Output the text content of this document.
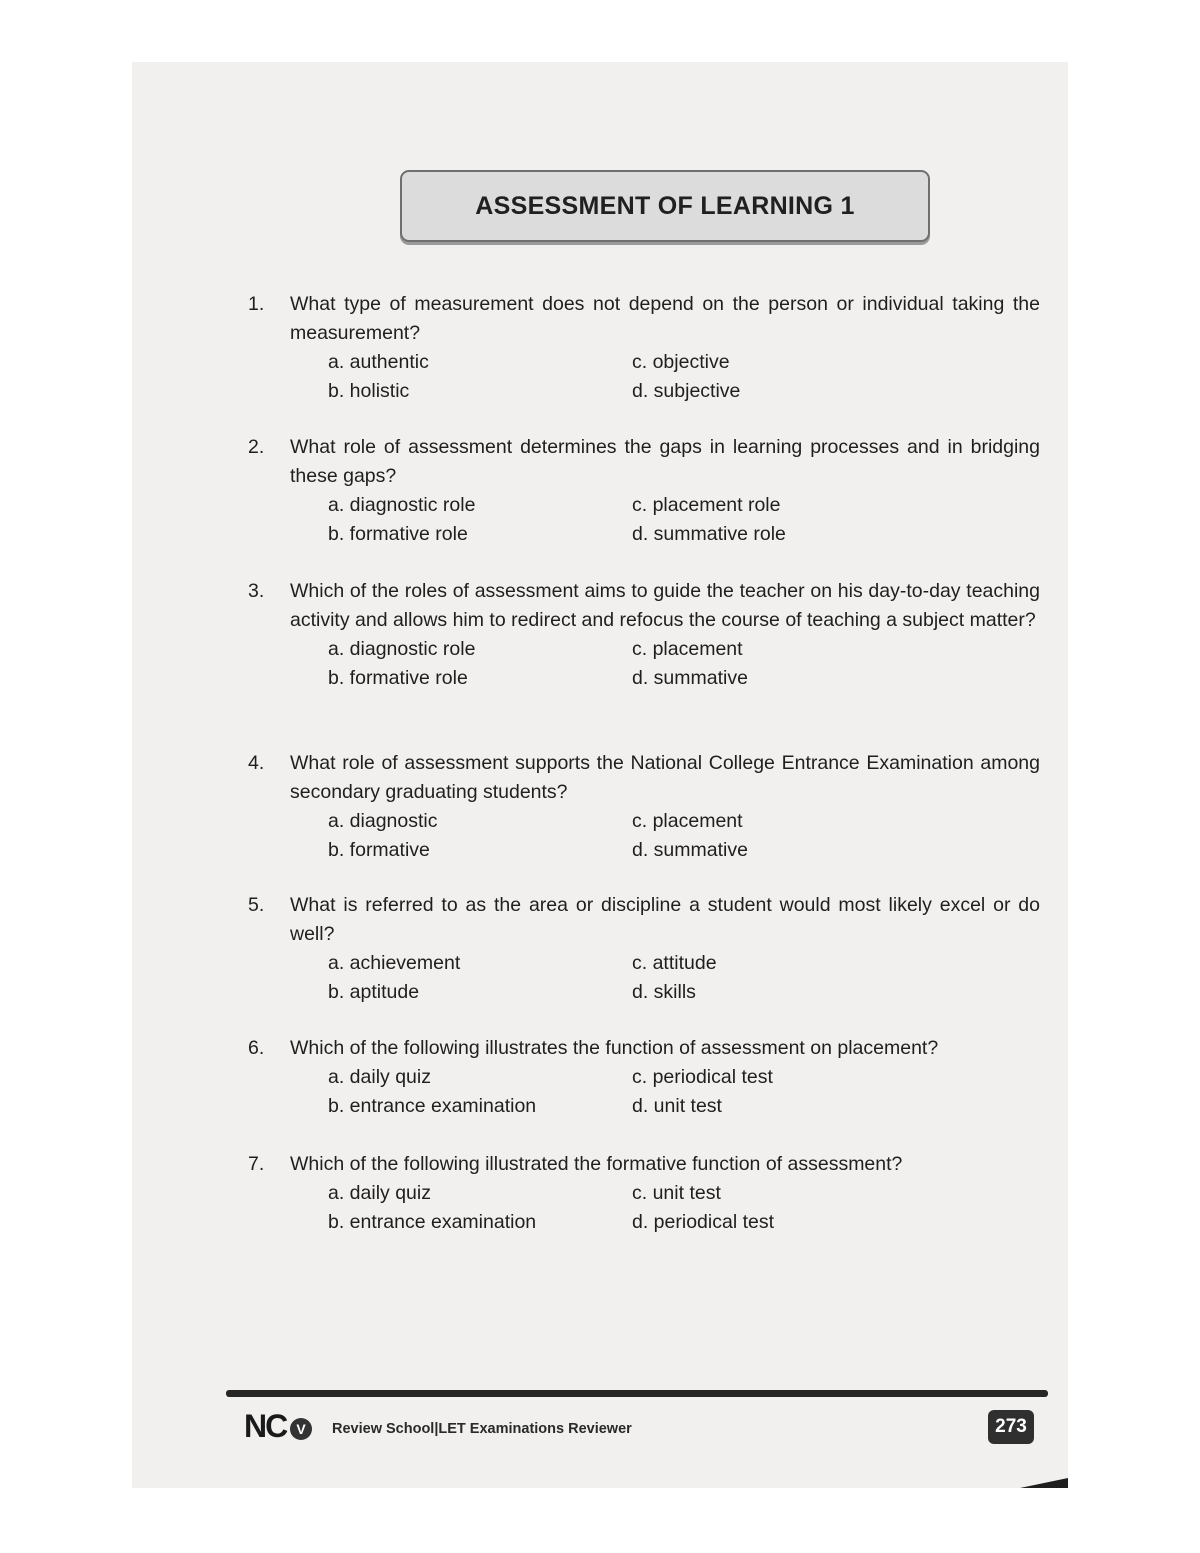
ASSESSMENT OF LEARNING 1
1.	What type of measurement does not depend on the person or individual taking the measurement?
a. authentic	c. objective
b. holistic	d. subjective
2.	What role of assessment determines the gaps in learning processes and in bridging these gaps?
a. diagnostic role	c. placement role
b. formative role	d. summative role
3.	Which of the roles of assessment aims to guide the teacher on his day-to-day teaching activity and allows him to redirect and refocus the course of teaching a subject matter?
a. diagnostic role	c. placement
b. formative role	d. summative
4.	What role of assessment supports the National College Entrance Examination among secondary graduating students?
a. diagnostic	c. placement
b. formative	d. summative
5.	What is referred to as the area or discipline a student would most likely excel or do well?
a. achievement	c. attitude
b. aptitude	d. skills
6.	Which of the following illustrates the function of assessment on placement?
a. daily quiz	c. periodical test
b. entrance examination	d. unit test
7.	Which of the following illustrated the formative function of assessment?
a. daily quiz	c. unit test
b. entrance examination	d. periodical test
NC V	Review School|LET Examinations Reviewer	273
